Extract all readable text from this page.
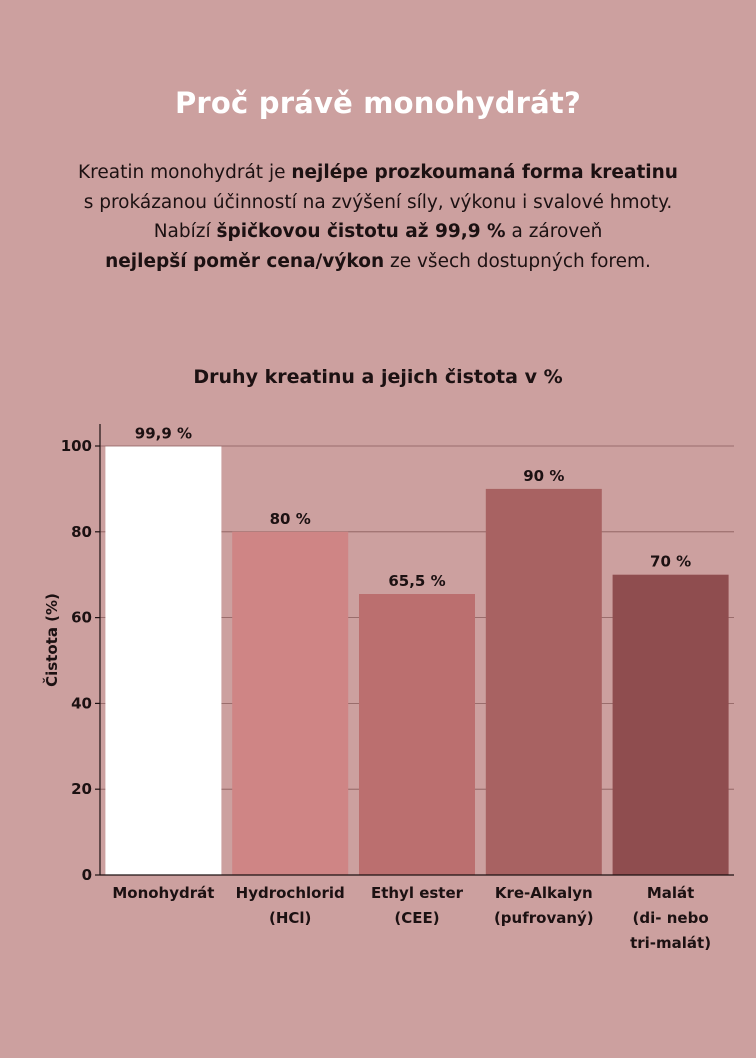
Proč právě monohydrát?
Kreatin monohydrát je nejlépe prozkoumaná forma kreatinu
s prokázanou účinností na zvýšení síly, výkonu i svalové hmoty.
Nabízí špičkovou čistotu až 99,9 % a zároveň
nejlepší poměr cena/výkon ze všech dostupných forem.
Druhy kreatinu a jejich čistota v %
99,9 %
Monohydrát
80 %
Hydrochlorid
(HCl)
65,5 %
Ethyl ester
(CEE)
90 %
Kre-Alkalyn
(pufrovaný)
70 %
Malát
(di- nebo
tri-malát)
0
20
40
60
80
100
Čistota (%)
